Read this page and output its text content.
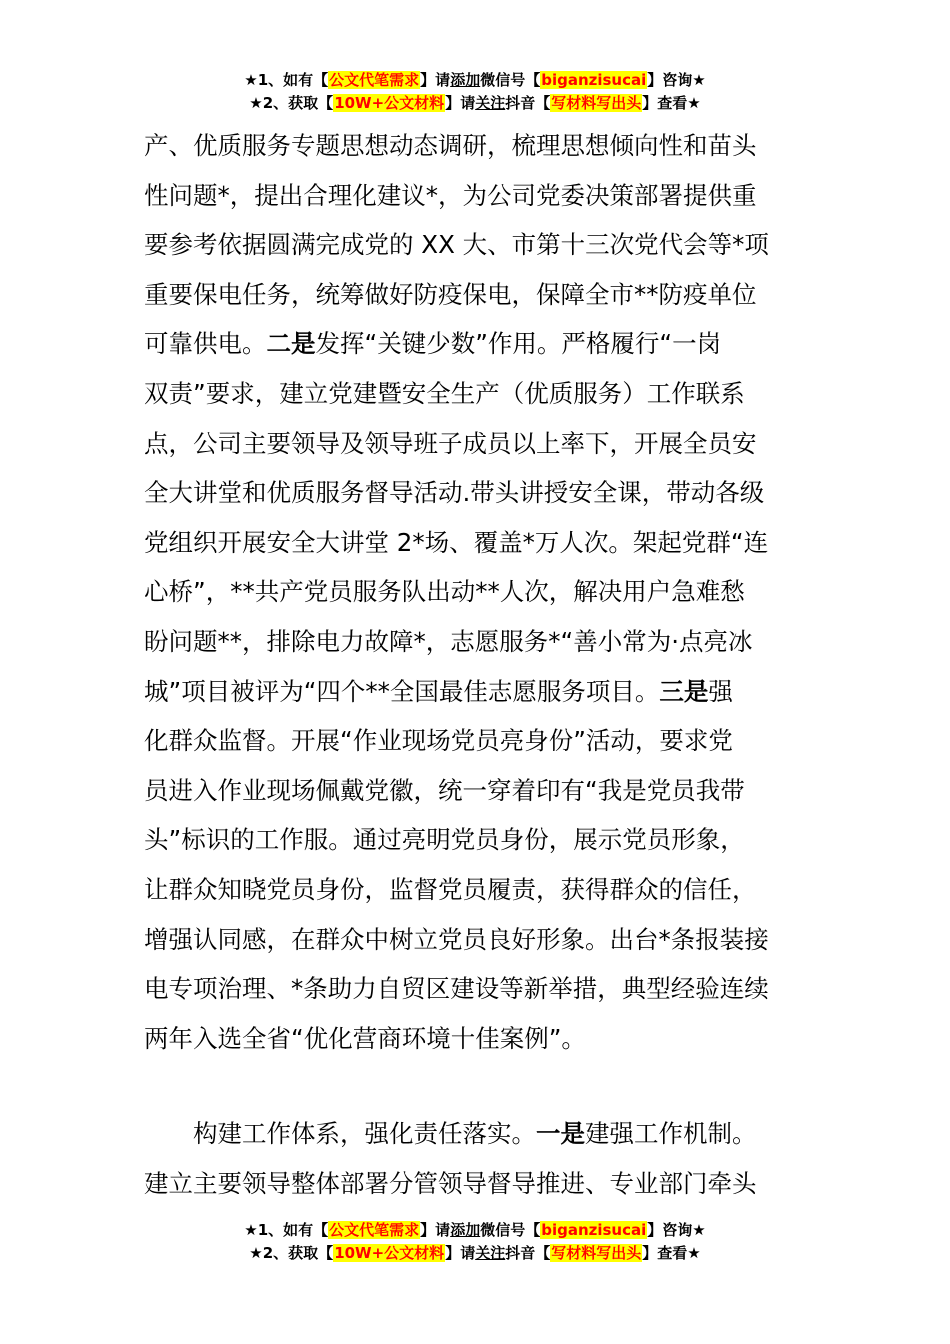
★1、如有【公文代笔需求】请添加微信号【biganzisucai】咨询★
★2、获取【10W+公文材料】请关注抖音【写材料写出头】查看★

产、优质服务专题思想动态调研，梳理思想倾向性和苗头

性问题*，提出合理化建议*，为公司党委决策部署提供重

要参考依据圆满完成党的 XX 大、市第十三次党代会等*项

重要保电任务，统筹做好防疫保电，保障全市**防疫单位

可靠供电。二是发挥“关键少数”作用。严格履行“一岗

双责”要求，建立党建暨安全生产（优质服务）工作联系

点，公司主要领导及领导班子成员以上率下，开展全员安

全大讲堂和优质服务督导活动.带头讲授安全课，带动各级

党组织开展安全大讲堂 2*场、覆盖*万人次。架起党群“连

心桥”，**共产党员服务队出动**人次，解决用户急难愁

盼问题**，排除电力故障*，志愿服务*“善小常为·点亮冰

城”项目被评为“四个**全国最佳志愿服务项目。三是强

化群众监督。开展“作业现场党员亮身份”活动，要求党

员进入作业现场佩戴党徽，统一穿着印有“我是党员我带

头”标识的工作服。通过亮明党员身份，展示党员形象，

让群众知晓党员身份，监督党员履责，获得群众的信任，

增强认同感，在群众中树立党员良好形象。出台*条报装接

电专项治理、*条助力自贸区建设等新举措，典型经验连续

两年入选全省“优化营商环境十佳案例”。

构建工作体系，强化责任落实。一是建强工作机制。

建立主要领导整体部署分管领导督导推进、专业部门牵头

★1、如有【公文代笔需求】请添加微信号【biganzisucai】咨询★
★2、获取【10W+公文材料】请关注抖音【写材料写出头】查看★
